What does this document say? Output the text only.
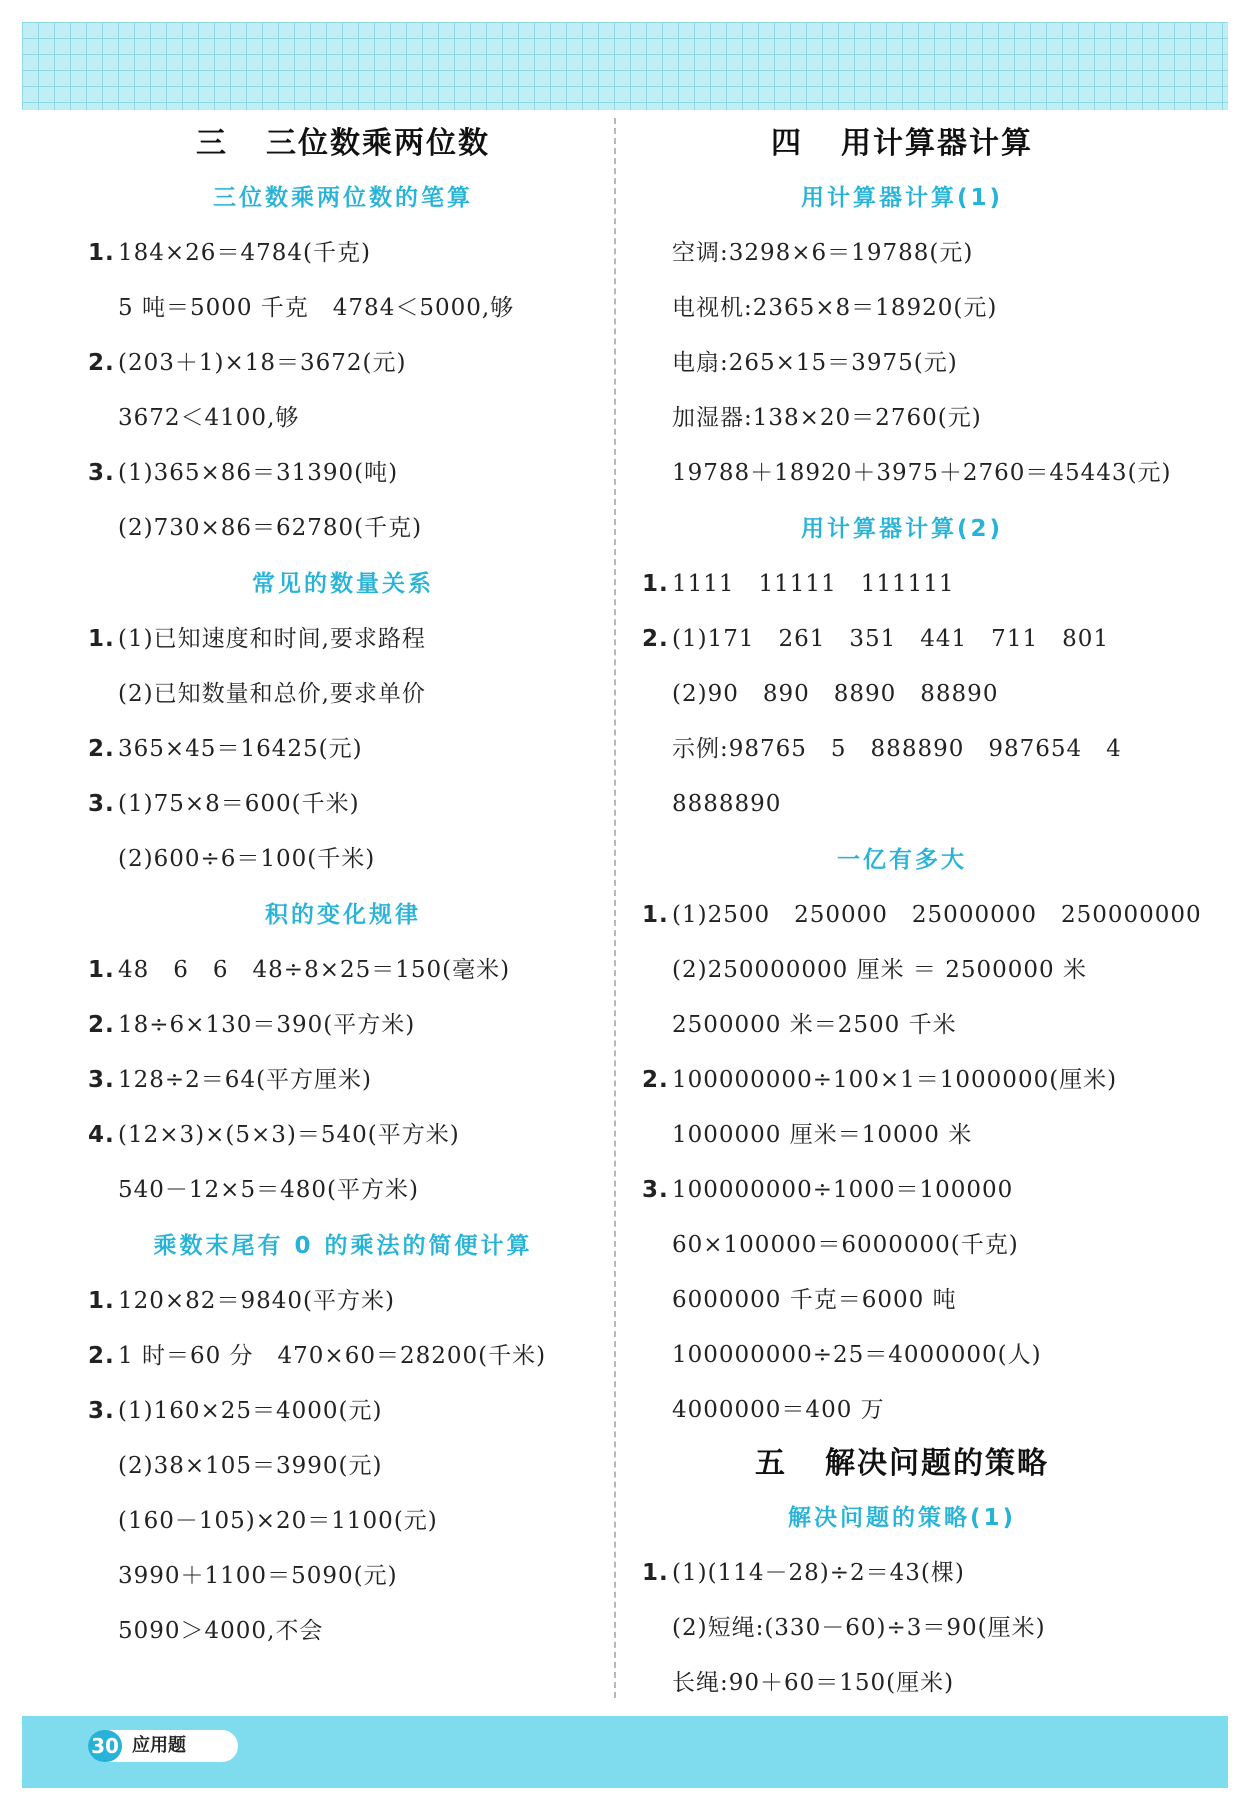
三 三位数乘两位数
三位数乘两位数的笔算
1. 184×26＝4784(千克)
5 吨＝5000 千克　4784＜5000,够
2. (203＋1)×18＝3672(元)
3672＜4100,够
3. (1)365×86＝31390(吨)
(2)730×86＝62780(千克)
常见的数量关系
1. (1)已知速度和时间,要求路程
(2)已知数量和总价,要求单价
2. 365×45＝16425(元)
3. (1)75×8＝600(千米)
(2)600÷6＝100(千米)
积的变化规律
1. 48　6　6　48÷8×25＝150(毫米)
2. 18÷6×130＝390(平方米)
3. 128÷2＝64(平方厘米)
4. (12×3)×(5×3)＝540(平方米)
540－12×5＝480(平方米)
乘数末尾有 0 的乘法的简便计算
1. 120×82＝9840(平方米)
2. 1 时＝60 分　470×60＝28200(千米)
3. (1)160×25＝4000(元)
(2)38×105＝3990(元)
(160－105)×20＝1100(元)
3990＋1100＝5090(元)
5090＞4000,不会
四 用计算器计算
用计算器计算(1)
空调:3298×6＝19788(元)
电视机:2365×8＝18920(元)
电扇:265×15＝3975(元)
加湿器:138×20＝2760(元)
19788＋18920＋3975＋2760＝45443(元)
用计算器计算(2)
1. 1111　11111　111111
2. (1)171　261　351　441　711　801
(2)90　890　8890　88890
示例:98765　5　888890　987654　4
8888890
一亿有多大
1. (1)2500　250000　25000000　250000000
(2)250000000 厘米 ＝ 2500000 米
2500000 米＝2500 千米
2. 100000000÷100×1＝1000000(厘米)
1000000 厘米＝10000 米
3. 100000000÷1000＝100000
60×100000＝6000000(千克)
6000000 千克＝6000 吨
100000000÷25＝4000000(人)
4000000＝400 万
五 解决问题的策略
解决问题的策略(1)
1. (1)(114－28)÷2＝43(棵)
(2)短绳:(330－60)÷3＝90(厘米)
长绳:90＋60＝150(厘米)
30 应用题
